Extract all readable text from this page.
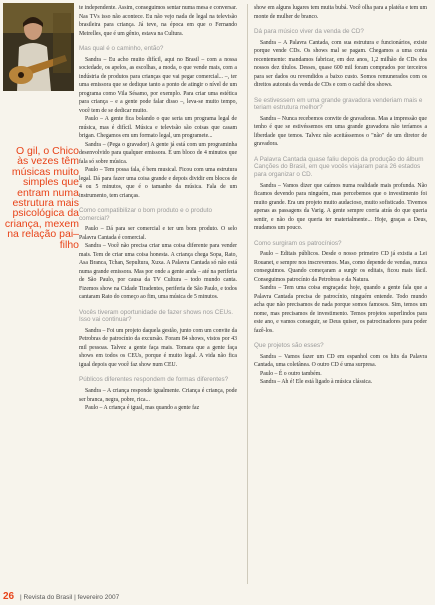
O gil, o Chico às vezes têm músicas muito simples que entram numa estrutura mais psicológica da criança, mexem na relação pai–filho

te independente. Assim, conseguimos sentar numa mesa e conversar. Nas TVs isso não acontece. Eu não vejo nada de legal na televisão brasileira para criança. Já teve, na época em que o Fernando Meirelles, que é um gênio, estava na Cultura.

Mas qual é o caminho, então?

Sandra – Eu acho muito difícil, aqui no Brasil – com a nossa sociedade, os apelos, as escolhas, a moda, o que vende mais, com a indústria de produtos para crianças que vai pegar comercial... –, ter uma emissora que se dedique tanto a ponto de atingir o nível de um programa como Vila Sésamo, por exemplo. Para criar uma estética para criança – e a gente pode falar disso –, leva-se muito tempo, você tem de se dedicar muito.

Paulo – A gente fica bolando o que seria um programa legal de música, mas é difícil. Música e televisão são coisas que casam brigan. Chegamos em um formato legal, um programete...

Sandra – (Pega o gravador) A gente já está com um programinha desenvolvido para qualquer emissora. É um bloco de 4 minutos que fala só sobre música.

Paulo – Tem possa fala, é bem musical. Ficou com uma estrutura legal. Dá para fazer uma coisa grande e depois dividir em blocos de 4 ou 5 minutos, que é o tamanho da música. Fala de um instrumento, tem crianças.

Como compatibilizar o bom produto e o produto comercial?

Paulo – Dá para ser comercial e ter um bom produto. O selo Palavra Cantada é comercial.

Sandra – Você não precisa criar uma coisa diferente para vender mais. Tem de criar uma coisa honesta. A criança chega Sopa, Rato, Asa Branca, Tchan, Sepultura, Xuxa. A Palavra Cantada só não está numa grande emissora. Mas por onde a gente anda – até na periferia de São Paulo, por causa da TV Cultura – todo mundo canta. Fizemos show na Cidade Tiradentes, periferia de São Paulo, e todos cantaram Rato do começo ao fim, uma música de 5 minutos.

Vocês tiveram oportunidade de fazer shows nos CEUs. Isso vai continuar?

Sandra – Foi um projeto daquela gestão, junto com um convite da Petrobras de patrocínio da excursão. Foram 84 shows, vistos por 43 mil pessoas. Talvez a gente faça mais. Tomara que a gente faça shows em todos os CEUs, porque é muito legal. A vida não fica igual depois que você faz show num CEU.

Públicos diferentes respondem de formas diferentes?

Sandra – A criança responde igualmente. Criança é criança, pode ser branca, negra, pobre, rica...

Paulo – A criança é igual, mas quando a gente faz

show em alguns lugares tem muita bubá. Você olha para a platéia e tem um monte de mulher de branco.

Dá para músico viver da venda de CD?

Sandra – A Palavra Cantada, com sua estrutura e funcionários, existe porque vende CDs. Os shows mal se pagam. Chegamos a uma conta recentemente: mandamos fabricar, em dez anos, 1,2 milhão de CDs dos nossos dez títulos. Desses, quase 600 mil foram comprados por terceiros para ser dados ou revendidos a baixo custo. Somos remunerados com os direitos autorais da venda de CDs e com o cachê dos shows.

Se estivessem em uma grande gravadora venderiam mais e teriam estrutura melhor?

Sandra – Nunca recebemos convite de gravadoras. Mas a impressão que tenho é que se estivéssemos em uma grande gravadora não teríamos a liberdade que temos. Talvez não aceitássemos o "não" de um diretor de gravadora.

A Palavra Cantada quase faliu depois da produção do álbum Canções do Brasil, em que vocês viajaram para 26 estados para organizar o CD.

Sandra – Vamos dizer que caímos numa realidade mais profunda. Não ficamos devendo para ninguém, mas percebemos que o investimento foi muito grande. Era um projeto muito audacioso, muito sofisticado. Tivemos apenas as passagens da Varig. A gente sempre corria atrás do que queria sentir, e não do que queria ter materialmente... Hoje, graças a Deus, mudamos um pouco.

Como surgiram os patrocínios?

Paulo – Editais públicos. Desde o nosso primeiro CD já existia a Lei Rouanet, e sempre nos inscrevemos. Mas, como depende de vendas, nunca conseguimos. Quando começaram a surgir os editais, ficou mais fácil. Conseguimos patrocínio da Petrobras e da Natura.

Sandra – Tem uma coisa engraçada: hoje, quando a gente fala que a Palavra Cantada precisa de patrocínio, ninguém entende. Todo mundo acha que não precisamos de nada porque somos famosos. Sim, temos um nome, mas precisamos de investimento. Temos projetos superlindos para este ano, e vamos conseguir, se Deus quiser, os patrocinadores para poder fazê-los.

Que projetos são esses?

Sandra – Vamos fazer um CD em espanhol com os hits da Palavra Cantada, uma coletânea. O outro CD é uma surpresa.

Paulo – É o outro também.

Sandra – Ah é! Ele está ligado à música clássica.

26 | Revista do Brasil | fevereiro 2007
